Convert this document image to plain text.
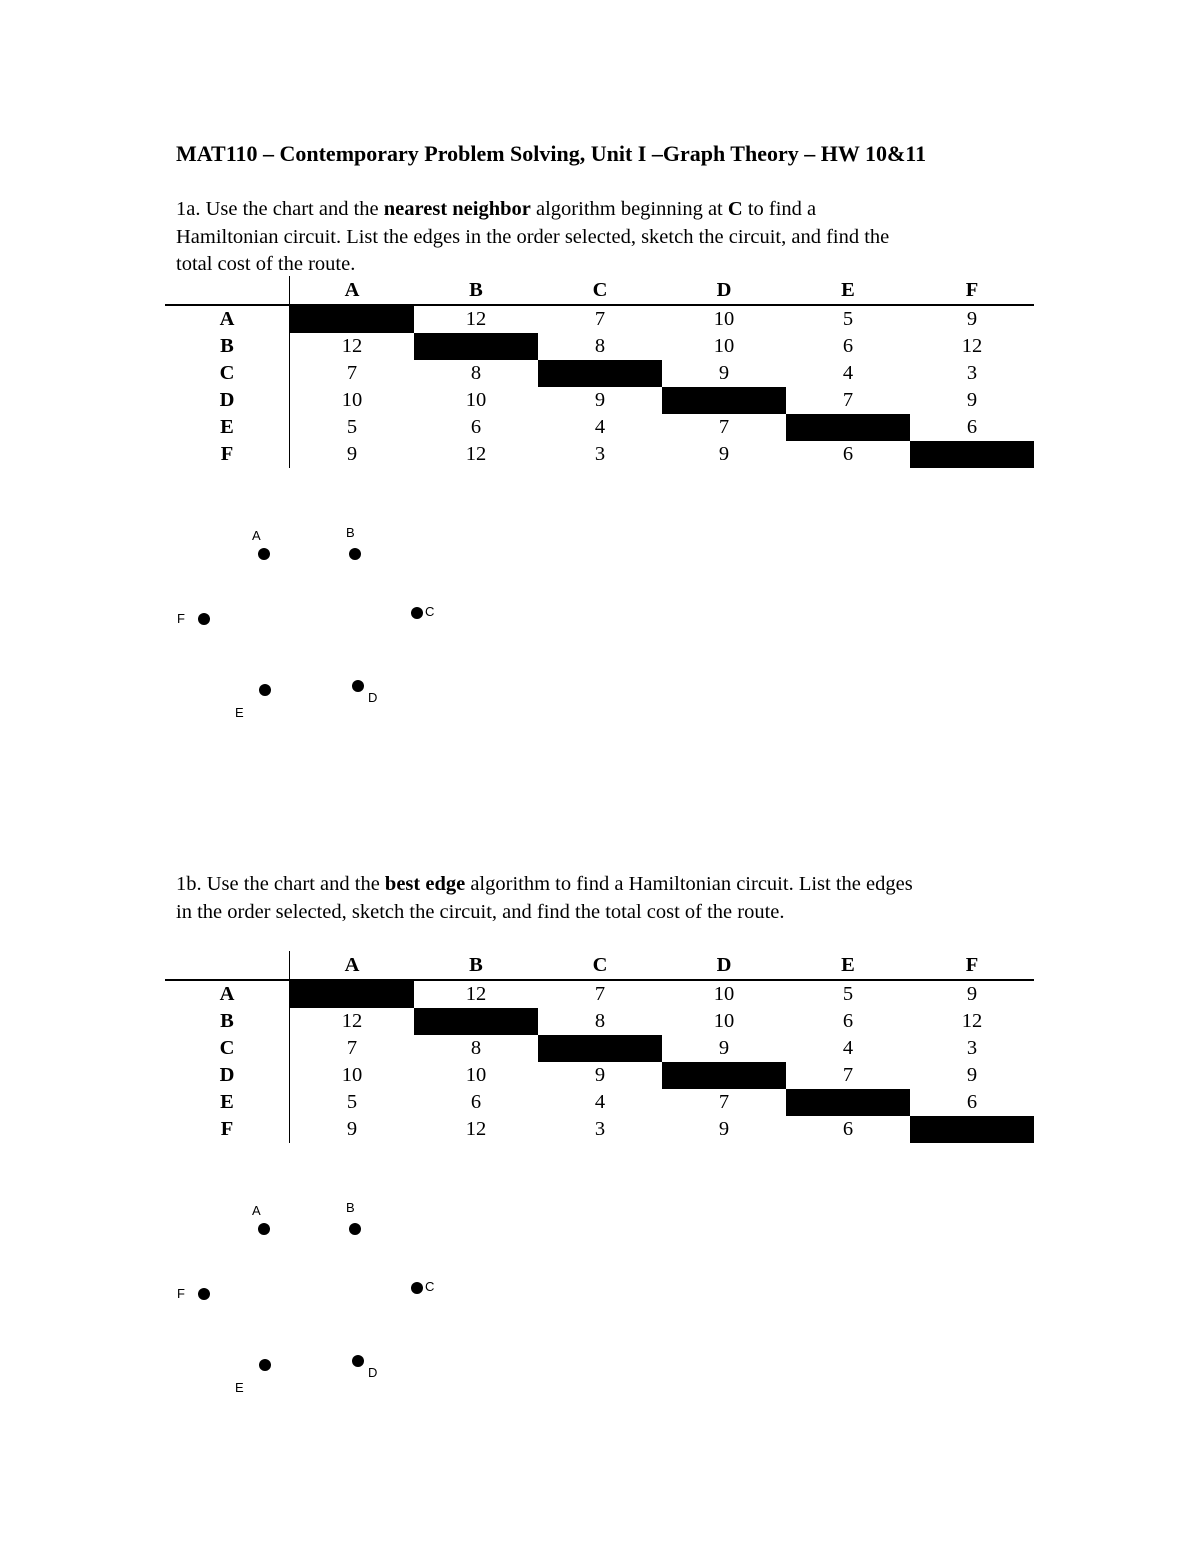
MAT110 – Contemporary Problem Solving, Unit I –Graph Theory – HW 10&11
1a. Use the chart and the nearest neighbor algorithm beginning at C to find a
Hamiltonian circuit. List the edges in the order selected, sketch the circuit, and find the
total cost of the route.
	A	B	C	D	E	F
A		12	7	10	5	9
B	12		8	10	6	12
C	7	8		9	4	3
D	10	10	9		7	9
E	5	6	4	7		6
F	9	12	3	9	6	
A	B
C
D
E
F
1b. Use the chart and the best edge algorithm to find a Hamiltonian circuit. List the edges
in the order selected, sketch the circuit, and find the total cost of the route.
	A	B	C	D	E	F
A		12	7	10	5	9
B	12		8	10	6	12
C	7	8		9	4	3
D	10	10	9		7	9
E	5	6	4	7		6
F	9	12	3	9	6	
A	B
C
D
E
F
